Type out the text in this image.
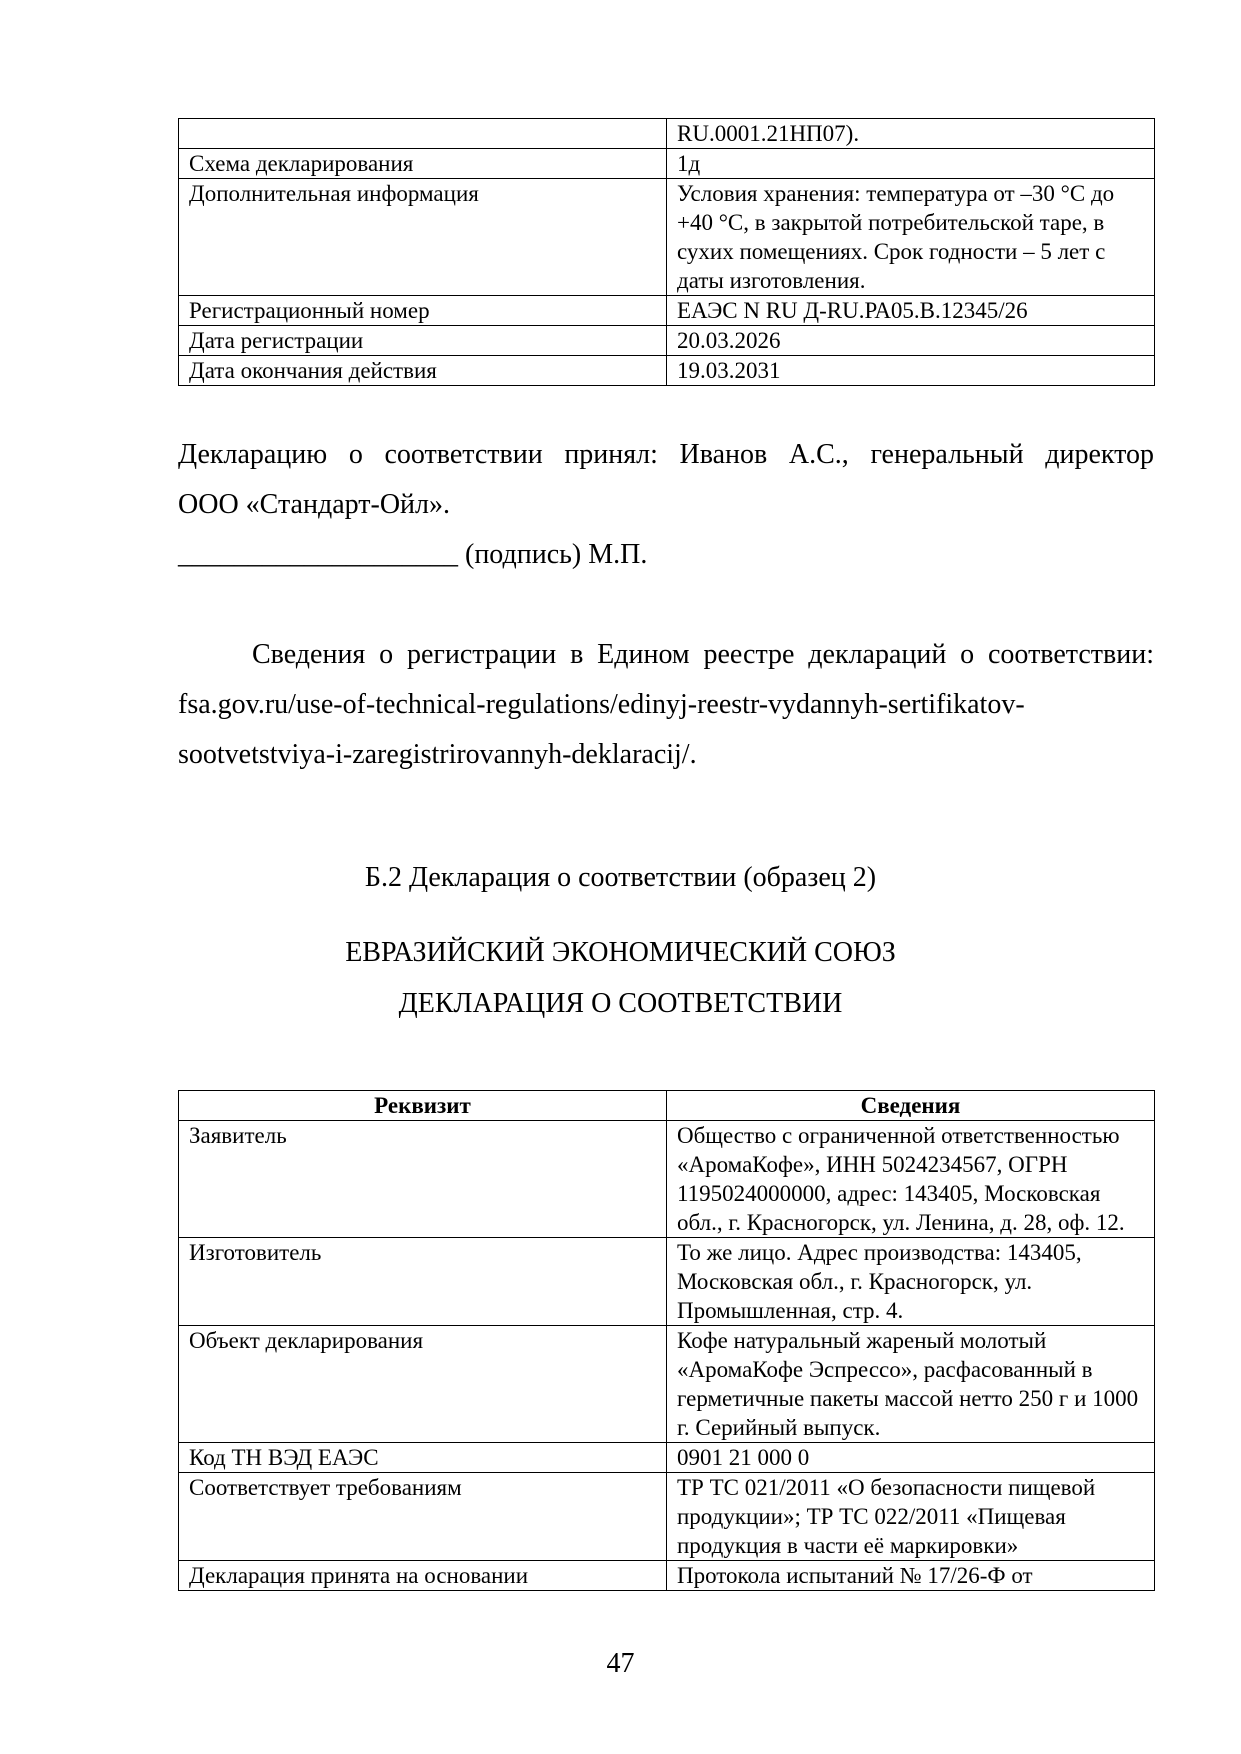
	RU.0001.21НП07).
Схема декларирования	1д
Дополнительная информация	Условия хранения: температура от –30 °С до +40 °С, в закрытой потребительской таре, в сухих помещениях. Срок годности – 5 лет с даты изготовления.
Регистрационный номер	ЕАЭС N RU Д-RU.РА05.В.12345/26
Дата регистрации	20.03.2026
Дата окончания действия	19.03.2031
Декларацию о соответствии принял: Иванов А.С., генеральный директор
ООО «Стандарт-Ойл».
____________________ (подпись) М.П.
Сведения о регистрации в Едином реестре деклараций о соответствии:
fsa.gov.ru/use-of-technical-regulations/edinyj-reestr-vydannyh-sertifikatov-
sootvetstviya-i-zaregistrirovannyh-deklaracij/.
Б.2 Декларация о соответствии (образец 2)
ЕВРАЗИЙСКИЙ ЭКОНОМИЧЕСКИЙ СОЮЗ
ДЕКЛАРАЦИЯ О СООТВЕТСТВИИ
Реквизит	Сведения
Заявитель	Общество с ограниченной ответственностью «АромаКофе», ИНН 5024234567, ОГРН 1195024000000, адрес: 143405, Московская обл., г. Красногорск, ул. Ленина, д. 28, оф. 12.
Изготовитель	То же лицо. Адрес производства: 143405, Московская обл., г. Красногорск, ул. Промышленная, стр. 4.
Объект декларирования	Кофе натуральный жареный молотый «АромаКофе Эспрессо», расфасованный в герметичные пакеты массой нетто 250 г и 1000 г. Серийный выпуск.
Код ТН ВЭД ЕАЭС	0901 21 000 0
Соответствует требованиям	ТР ТС 021/2011 «О безопасности пищевой продукции»; ТР ТС 022/2011 «Пищевая продукция в части её маркировки»
Декларация принята на основании	Протокола испытаний № 17/26-Ф от
47
